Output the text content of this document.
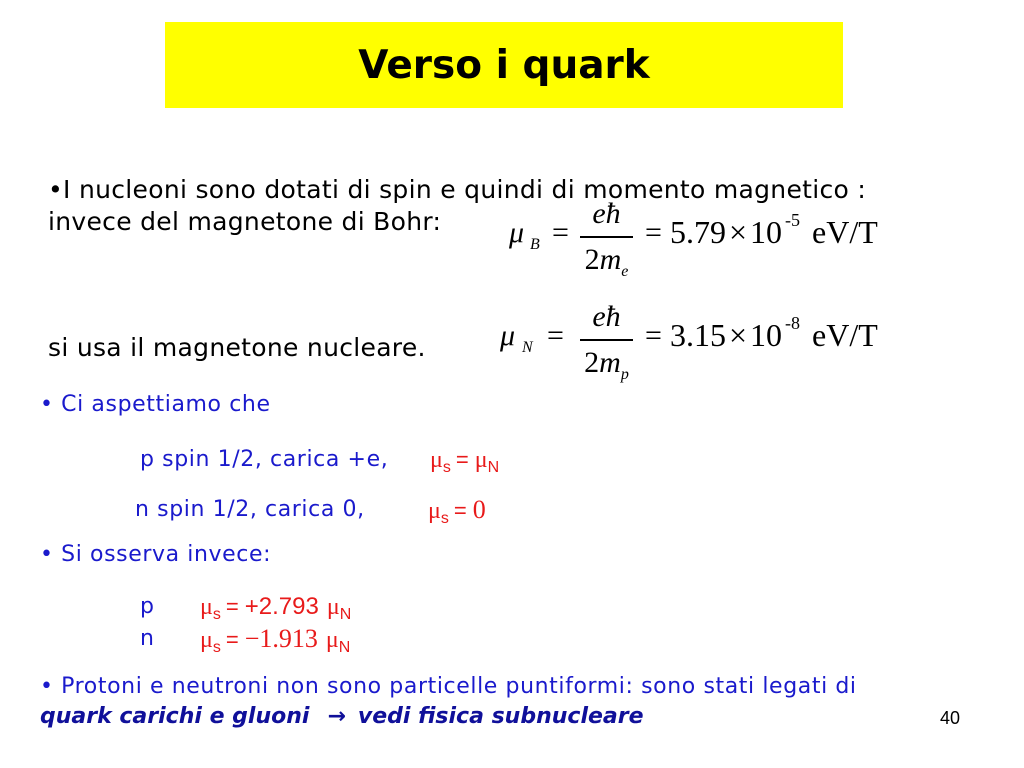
Verso i quark
•I nucleoni sono dotati di spin e quindi di momento magnetico :
invece del magnetone di Bohr:
si usa il magnetone nucleare.
μ B =
eħ
$2m_e$
= 5.79×10 -5 eV/T
μ N =
eħ
$2m_p$
= 3.15×10 -8 eV/T
• Ci aspettiamo che
p spin 1/2, carica +e, $\mu_s = \mu_N$
n spin 1/2, carica 0,	$\mu_s = 0$
• Si osserva invece:
p $\mu_s = +2.793$ $\mu_N$
n $\mu_s = -1.913$ $\mu_N$
• Protoni e neutroni non sono particelle puntiformi: sono stati legati di
quark carichi e gluoni → vedi fisica subnucleare	40
